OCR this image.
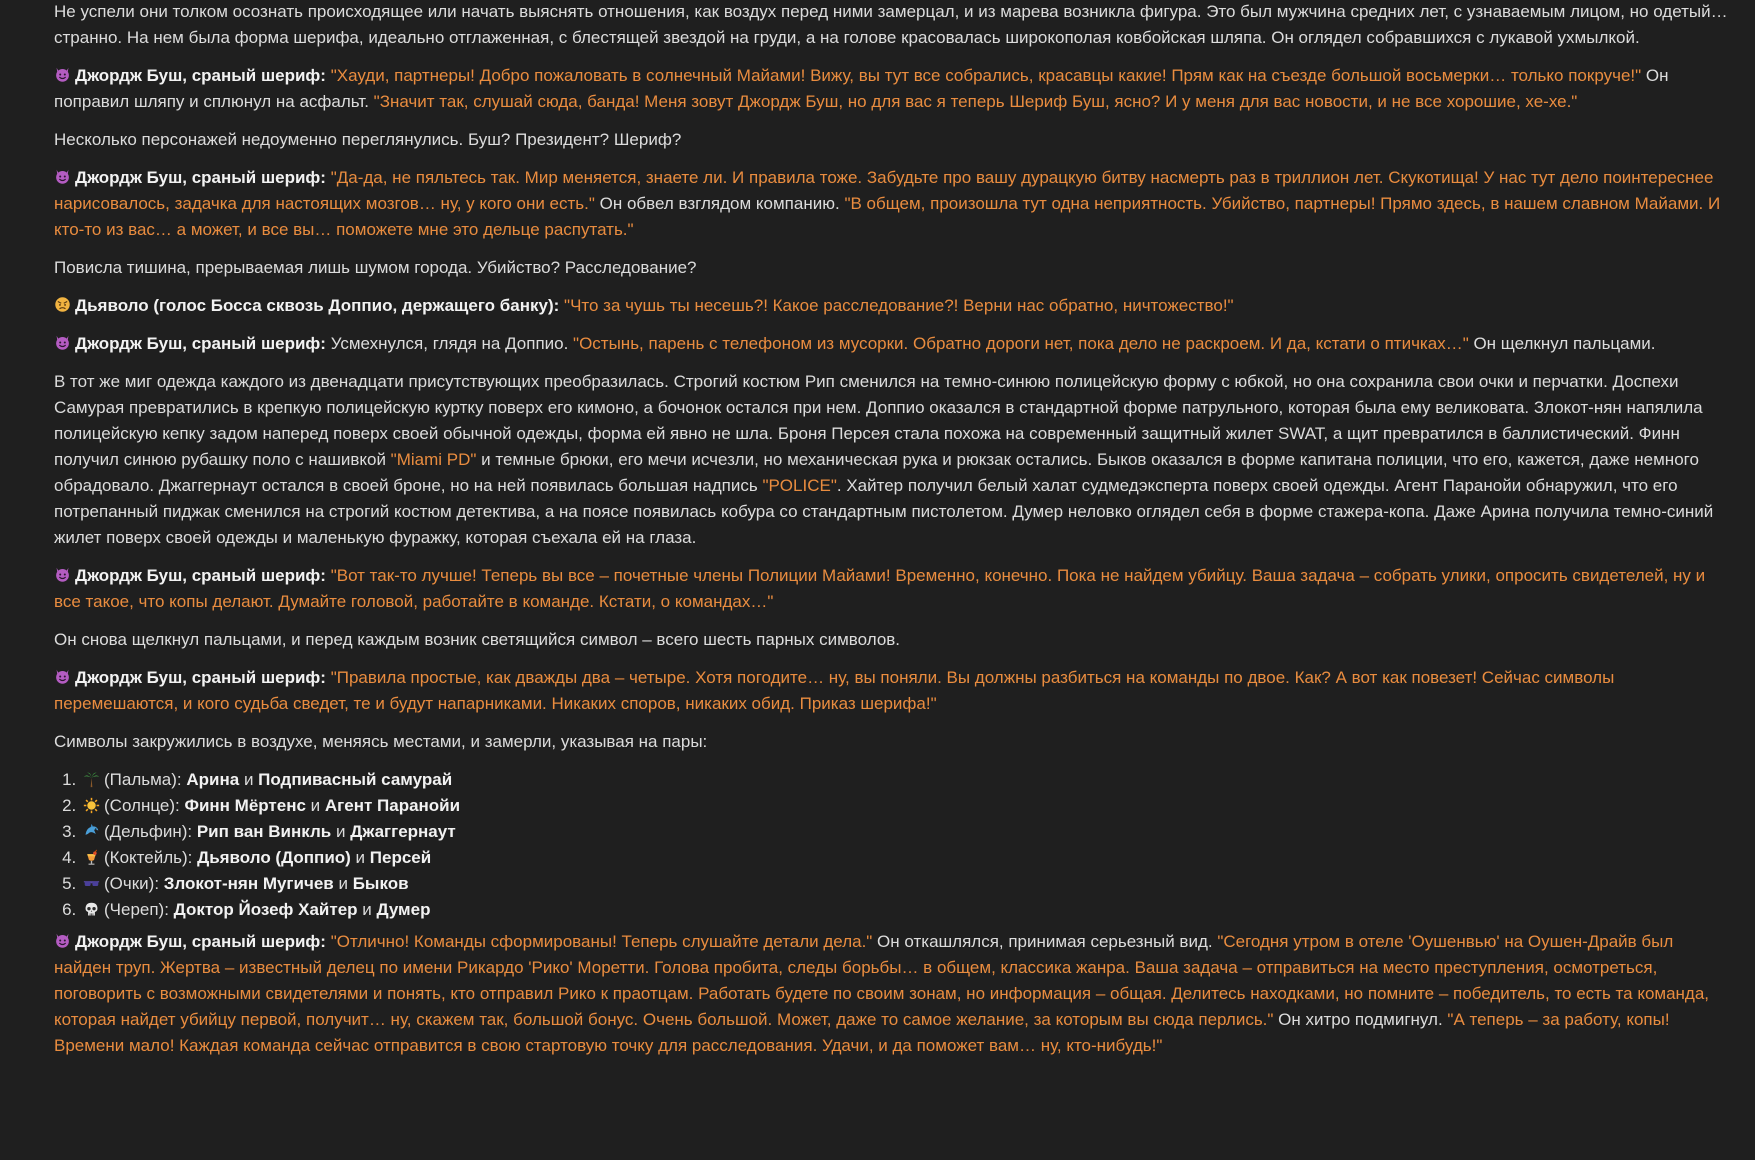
Не успели они толком осознать происходящее или начать выяснять отношения, как воздух перед ними замерцал, и из марева возникла фигура. Это был мужчина средних лет, с узнаваемым лицом, но одетый… странно. На нем была форма шерифа, идеально отглаженная, с блестящей звездой на груди, а на голове красовалась широкополая ковбойская шляпа. Он оглядел собравшихся с лукавой ухмылкой.

Джордж Буш, сраный шериф: "Хауди, партнеры! Добро пожаловать в солнечный Майами! Вижу, вы тут все собрались, красавцы какие! Прям как на съезде большой восьмерки… только покруче!" Он поправил шляпу и сплюнул на асфальт. "Значит так, слушай сюда, банда! Меня зовут Джордж Буш, но для вас я теперь Шериф Буш, ясно? И у меня для вас новости, и не все хорошие, хе-хе."

Несколько персонажей недоуменно переглянулись. Буш? Президент? Шериф?

Джордж Буш, сраный шериф: "Да-да, не пяльтесь так. Мир меняется, знаете ли. И правила тоже. Забудьте про вашу дурацкую битву насмерть раз в триллион лет. Скукотища! У нас тут дело поинтереснее нарисовалось, задачка для настоящих мозгов… ну, у кого они есть." Он обвел взглядом компанию. "В общем, произошла тут одна неприятность. Убийство, партнеры! Прямо здесь, в нашем славном Майами. И кто-то из вас… а может, и все вы… поможете мне это дельце распутать."

Повисла тишина, прерываемая лишь шумом города. Убийство? Расследование?

Дьяволо (голос Босса сквозь Доппио, держащего банку): "Что за чушь ты несешь?! Какое расследование?! Верни нас обратно, ничтожество!"

Джордж Буш, сраный шериф: Усмехнулся, глядя на Доппио. "Остынь, парень с телефоном из мусорки. Обратно дороги нет, пока дело не раскроем. И да, кстати о птичках…" Он щелкнул пальцами.

В тот же миг одежда каждого из двенадцати присутствующих преобразилась. Строгий костюм Рип сменился на темно-синюю полицейскую форму с юбкой, но она сохранила свои очки и перчатки. Доспехи Самурая превратились в крепкую полицейскую куртку поверх его кимоно, а бочонок остался при нем. Доппио оказался в стандартной форме патрульного, которая была ему великовата. Злокот-нян напялила полицейскую кепку задом наперед поверх своей обычной одежды, форма ей явно не шла. Броня Персея стала похожа на современный защитный жилет SWAT, а щит превратился в баллистический. Финн получил синюю рубашку поло с нашивкой "Miami PD" и темные брюки, его мечи исчезли, но механическая рука и рюкзак остались. Быков оказался в форме капитана полиции, что его, кажется, даже немного обрадовало. Джаггернаут остался в своей броне, но на ней появилась большая надпись "POLICE". Хайтер получил белый халат судмедэксперта поверх своей одежды. Агент Паранойи обнаружил, что его потрепанный пиджак сменился на строгий костюм детектива, а на поясе появилась кобура со стандартным пистолетом. Думер неловко оглядел себя в форме стажера-копа. Даже Арина получила темно-синий жилет поверх своей одежды и маленькую фуражку, которая съехала ей на глаза.

Джордж Буш, сраный шериф: "Вот так-то лучше! Теперь вы все – почетные члены Полиции Майами! Временно, конечно. Пока не найдем убийцу. Ваша задача – собрать улики, опросить свидетелей, ну и все такое, что копы делают. Думайте головой, работайте в команде. Кстати, о командах…"

Он снова щелкнул пальцами, и перед каждым возник светящийся символ – всего шесть парных символов.

Джордж Буш, сраный шериф: "Правила простые, как дважды два – четыре. Хотя погодите… ну, вы поняли. Вы должны разбиться на команды по двое. Как? А вот как повезет! Сейчас символы перемешаются, и кого судьба сведет, те и будут напарниками. Никаких споров, никаких обид. Приказ шерифа!"

Символы закружились в воздухе, меняясь местами, и замерли, указывая на пары:

1. (Пальма): Арина и Подпивасный самурай
2. (Солнце): Финн Мёртенс и Агент Паранойи
3. (Дельфин): Рип ван Винкль и Джаггернаут
4. (Коктейль): Дьяволо (Доппио) и Персей
5. (Очки): Злокот-нян Мугичев и Быков
6. (Череп): Доктор Йозеф Хайтер и Думер

Джордж Буш, сраный шериф: "Отлично! Команды сформированы! Теперь слушайте детали дела." Он откашлялся, принимая серьезный вид. "Сегодня утром в отеле 'Оушенвью' на Оушен-Драйв был найден труп. Жертва – известный делец по имени Рикардо 'Рико' Моретти. Голова пробита, следы борьбы… в общем, классика жанра. Ваша задача – отправиться на место преступления, осмотреться, поговорить с возможными свидетелями и понять, кто отправил Рико к праотцам. Работать будете по своим зонам, но информация – общая. Делитесь находками, но помните – победитель, то есть та команда, которая найдет убийцу первой, получит… ну, скажем так, большой бонус. Очень большой. Может, даже то самое желание, за которым вы сюда перлись." Он хитро подмигнул. "А теперь – за работу, копы! Времени мало! Каждая команда сейчас отправится в свою стартовую точку для расследования. Удачи, и да поможет вам… ну, кто-нибудь!"
